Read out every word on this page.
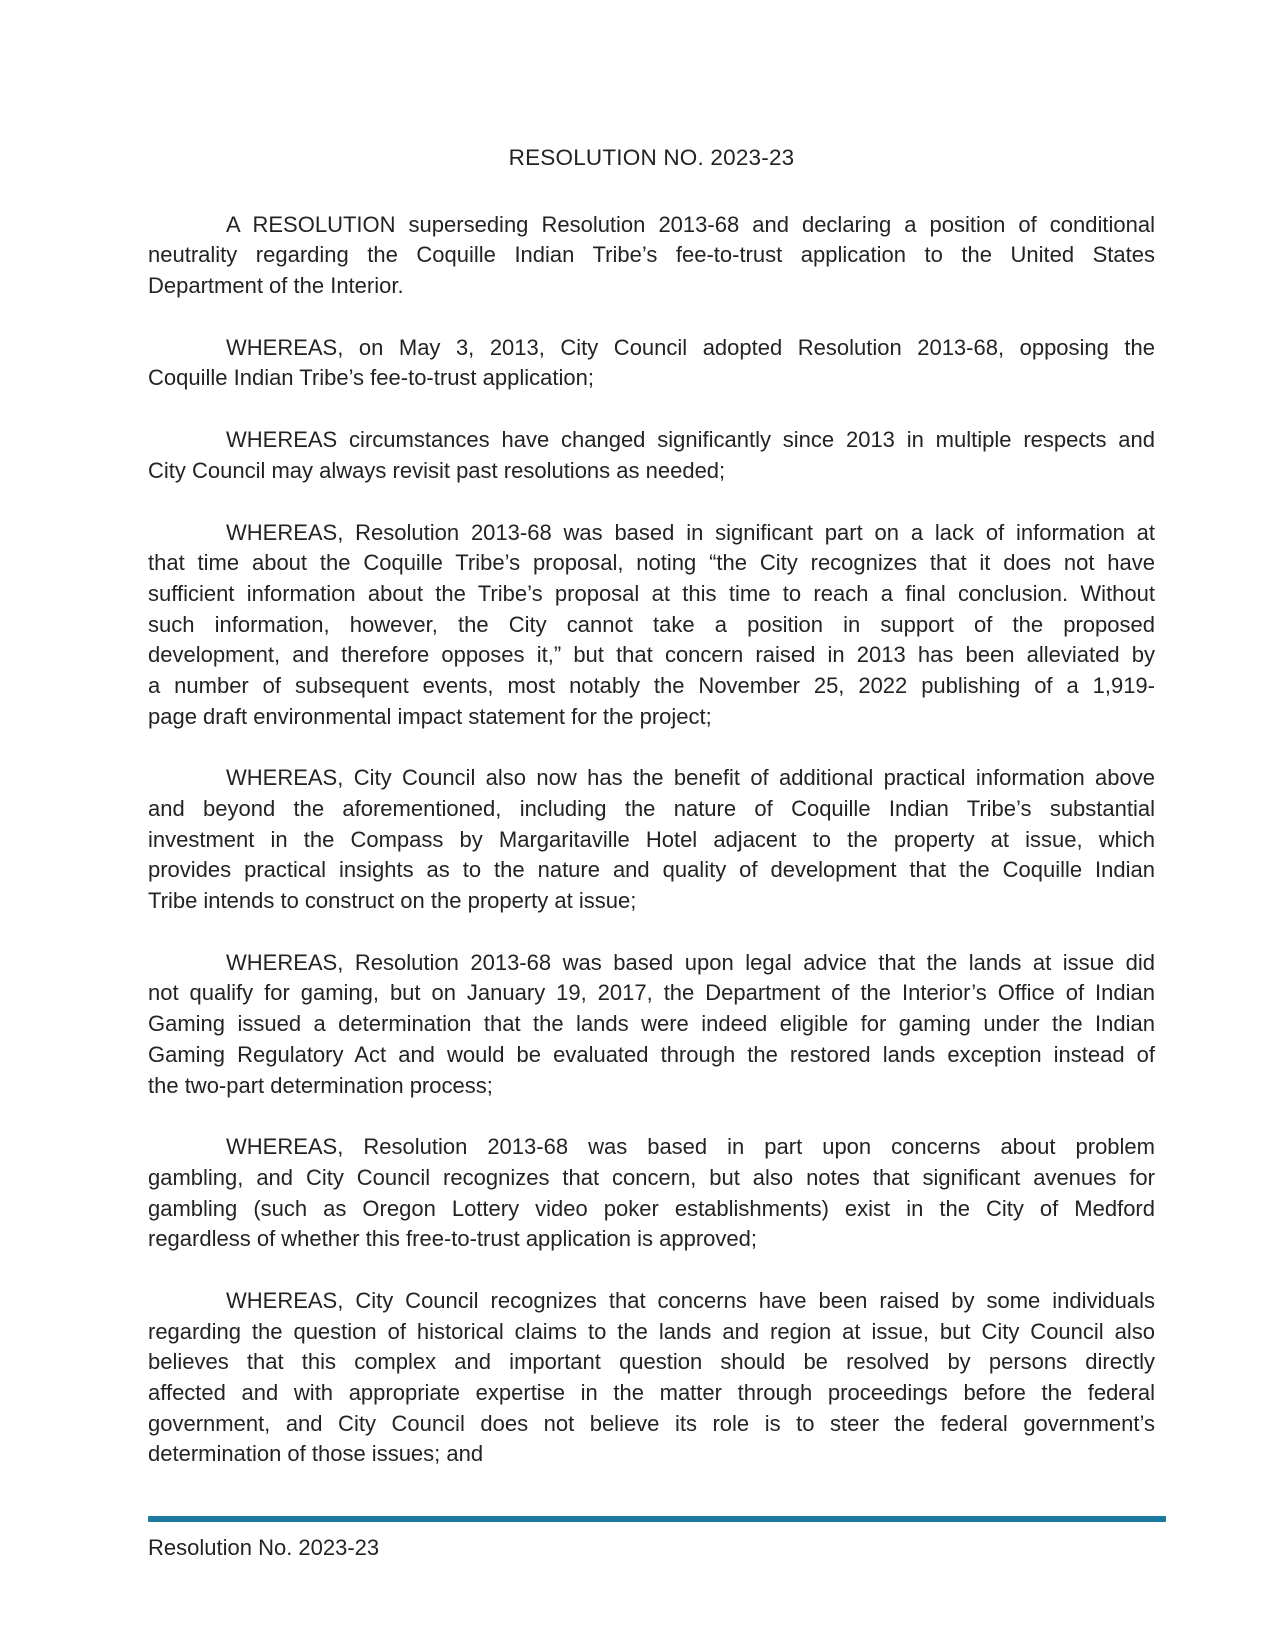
RESOLUTION NO. 2023-23
A RESOLUTION superseding Resolution 2013-68 and declaring a position of conditional
neutrality regarding the Coquille Indian Tribe’s fee-to-trust application to the United States
Department of the Interior.
WHEREAS, on May 3, 2013, City Council adopted Resolution 2013-68, opposing the
Coquille Indian Tribe’s fee-to-trust application;
WHEREAS circumstances have changed significantly since 2013 in multiple respects and
City Council may always revisit past resolutions as needed;
WHEREAS, Resolution 2013-68 was based in significant part on a lack of information at
that time about the Coquille Tribe’s proposal, noting “the City recognizes that it does not have
sufficient information about the Tribe’s proposal at this time to reach a final conclusion. Without
such information, however, the City cannot take a position in support of the proposed
development, and therefore opposes it,” but that concern raised in 2013 has been alleviated by
a number of subsequent events, most notably the November 25, 2022 publishing of a 1,919-
page draft environmental impact statement for the project;
WHEREAS, City Council also now has the benefit of additional practical information above
and beyond the aforementioned, including the nature of Coquille Indian Tribe’s substantial
investment in the Compass by Margaritaville Hotel adjacent to the property at issue, which
provides practical insights as to the nature and quality of development that the Coquille Indian
Tribe intends to construct on the property at issue;
WHEREAS, Resolution 2013-68 was based upon legal advice that the lands at issue did
not qualify for gaming, but on January 19, 2017, the Department of the Interior’s Office of Indian
Gaming issued a determination that the lands were indeed eligible for gaming under the Indian
Gaming Regulatory Act and would be evaluated through the restored lands exception instead of
the two-part determination process;
WHEREAS, Resolution 2013-68 was based in part upon concerns about problem
gambling, and City Council recognizes that concern, but also notes that significant avenues for
gambling (such as Oregon Lottery video poker establishments) exist in the City of Medford
regardless of whether this free-to-trust application is approved;
WHEREAS, City Council recognizes that concerns have been raised by some individuals
regarding the question of historical claims to the lands and region at issue, but City Council also
believes that this complex and important question should be resolved by persons directly
affected and with appropriate expertise in the matter through proceedings before the federal
government, and City Council does not believe its role is to steer the federal government’s
determination of those issues; and
Resolution No. 2023-23
